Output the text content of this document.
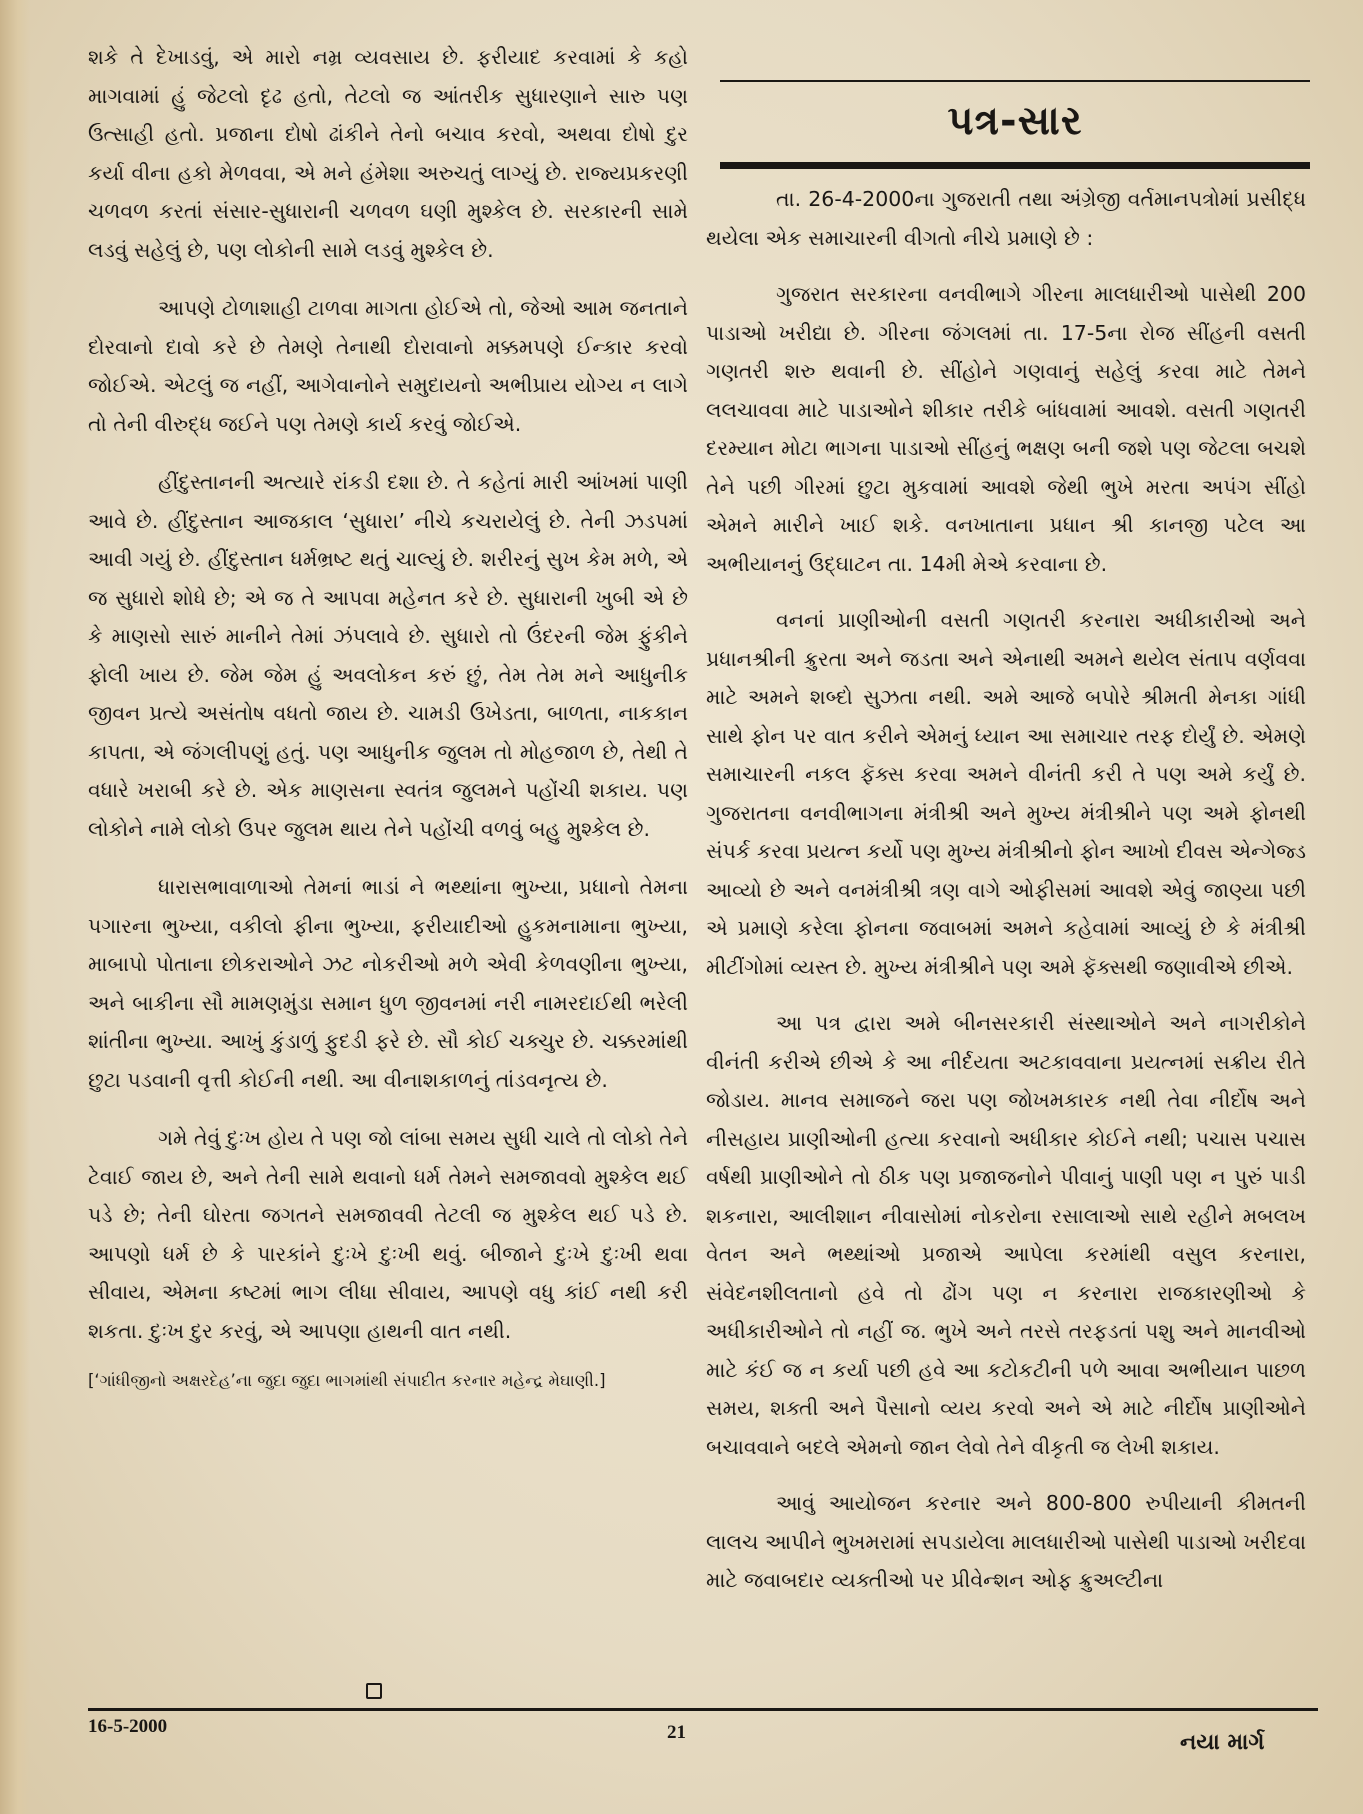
શકે તે દેખાડવું, એ મારો નમ્ર વ્યવસાય છે. ફરીયાદ કરવામાં કે કહો માગવામાં હું જેટલો દૃઢ હતો, તેટલો જ આંતરીક સુધારણાને સારુ પણ ઉત્સાહી હતો. પ્રજાના દોષો ઢાંકીને તેનો બચાવ કરવો, અથવા દોષો દુર કર્યા વીના હકો મેળવવા, એ મને હંમેશા અરુચતું લાગ્યું છે. રાજ્યપ્રકરણી ચળવળ કરતાં સંસાર-સુધારાની ચળવળ ઘણી મુશ્કેલ છે. સરકારની સામે લડવું સહેલું છે, પણ લોકોની સામે લડવું મુશ્કેલ છે.

આપણે ટોળાશાહી ટાળવા માગતા હોઈએ તો, જેઓ આમ જનતાને દોરવાનો દાવો કરે છે તેમણે તેનાથી દોરાવાનો મક્કમપણે ઈન્કાર કરવો જોઈએ. એટલું જ નહીં, આગેવાનોને સમુદાયનો અભીપ્રાય યોગ્ય ન લાગે તો તેની વીરુદ્ધ જઈને પણ તેમણે કાર્ય કરવું જોઈએ.

હીંદુસ્તાનની અત્યારે રાંકડી દશા છે. તે કહેતાં મારી આંખમાં પાણી આવે છે. હીંદુસ્તાન આજકાલ ‘સુધારા’ નીચે કચરાયેલું છે. તેની ઝડપમાં આવી ગયું છે. હીંદુસ્તાન ધર્મભ્રષ્ટ થતું ચાલ્યું છે. શરીરનું સુખ કેમ મળે, એ જ સુધારો શોધે છે; એ જ તે આપવા મહેનત કરે છે. સુધારાની ખુબી એ છે કે માણસો સારું માનીને તેમાં ઝંપલાવે છે. સુધારો તો ઉંદરની જેમ ફુંકીને ફોલી ખાય છે. જેમ જેમ હું અવલોકન કરું છું, તેમ તેમ મને આધુનીક જીવન પ્રત્યે અસંતોષ વધતો જાય છે. ચામડી ઉખેડતા, બાળતા, નાકકાન કાપતા, એ જંગલીપણું હતું. પણ આધુનીક જુલમ તો મોહજાળ છે, તેથી તે વધારે ખરાબી કરે છે. એક માણસના સ્વતંત્ર જુલમને પહોંચી શકાય. પણ લોકોને નામે લોકો ઉપર જુલમ થાય તેને પહોંચી વળવું બહુ મુશ્કેલ છે.

ધારાસભાવાળાઓ તેમનાં ભાડાં ને ભથ્થાંના ભુખ્યા, પ્રધાનો તેમના પગારના ભુખ્યા, વકીલો ફીના ભુખ્યા, ફરીયાદીઓ હુકમનામાના ભુખ્યા, માબાપો પોતાના છોકરાઓને ઝટ નોકરીઓ મળે એવી કેળવણીના ભુખ્યા, અને બાકીના સૌ મામણમુંડા સમાન ધુળ જીવનમાં નરી નામરદાઈથી ભરેલી શાંતીના ભુખ્યા. આખું કુંડાળું ફુદડી ફરે છે. સૌ કોઈ ચક્ચુર છે. ચક્કરમાંથી છુટા પડવાની વૃત્તી કોઈની નથી. આ વીનાશકાળનું તાંડવનૃત્ય છે.

ગમે તેવું દુઃખ હોય તે પણ જો લાંબા સમય સુધી ચાલે તો લોકો તેને ટેવાઈ જાય છે, અને તેની સામે થવાનો ધર્મ તેમને સમજાવવો મુશ્કેલ થઈ પડે છે; તેની ઘોરતા જગતને સમજાવવી તેટલી જ મુશ્કેલ થઈ પડે છે. આપણો ધર્મ છે કે પારકાંને દુઃખે દુઃખી થવું. બીજાને દુઃખે દુઃખી થવા સીવાય, એમના કષ્ટમાં ભાગ લીધા સીવાય, આપણે વધુ કાંઈ નથી કરી શકતા. દુઃખ દુર કરવું, એ આપણા હાથની વાત નથી.

[‘ગાંધીજીનો અક્ષરદેહ’ના જુદા જુદા ભાગમાંથી સંપાદીત કરનાર મહેન્દ્ર મેઘાણી.]

પત્ર-સાર

તા. 26-4-2000ના ગુજરાતી તથા અંગ્રેજી વર્તમાનપત્રોમાં પ્રસીદ્ધ થયેલા એક સમાચારની વીગતો નીચે પ્રમાણે છે :

ગુજરાત સરકારના વનવીભાગે ગીરના માલધારીઓ પાસેથી 200 પાડાઓ ખરીદ્યા છે. ગીરના જંગલમાં તા. 17-5ના રોજ સીંહની વસતી ગણતરી શરુ થવાની છે. સીંહોને ગણવાનું સહેલું કરવા માટે તેમને લલચાવવા માટે પાડાઓને શીકાર તરીકે બાંધવામાં આવશે. વસતી ગણતરી દરમ્યાન મોટા ભાગના પાડાઓ સીંહનું ભક્ષણ બની જશે પણ જેટલા બચશે તેને પછી ગીરમાં છુટા મુકવામાં આવશે જેથી ભુખે મરતા અપંગ સીંહો એમને મારીને ખાઈ શકે. વનખાતાના પ્રધાન શ્રી કાનજી પટેલ આ અભીયાનનું ઉદ્ઘાટન તા. 14મી મેએ કરવાના છે.

વનનાં પ્રાણીઓની વસતી ગણતરી કરનારા અધીકારીઓ અને પ્રધાનશ્રીની ક્રુરતા અને જડતા અને એનાથી અમને થયેલ સંતાપ વર્ણવવા માટે અમને શબ્દો સુઝતા નથી. અમે આજે બપોરે શ્રીમતી મેનકા ગાંધી સાથે ફોન પર વાત કરીને એમનું ધ્યાન આ સમાચાર તરફ દોર્યું છે. એમણે સમાચારની નકલ ફૅક્સ કરવા અમને વીનંતી કરી તે પણ અમે કર્યું છે. ગુજરાતના વનવીભાગના મંત્રીશ્રી અને મુખ્ય મંત્રીશ્રીને પણ અમે ફોનથી સંપર્ક કરવા પ્રયત્ન કર્યો પણ મુખ્ય મંત્રીશ્રીનો ફોન આખો દીવસ એન્ગેજ્ડ આવ્યો છે અને વનમંત્રીશ્રી ત્રણ વાગે ઓફીસમાં આવશે એવું જાણ્યા પછી એ પ્રમાણે કરેલા ફોનના જવાબમાં અમને કહેવામાં આવ્યું છે કે મંત્રીશ્રી મીટીંગોમાં વ્યસ્ત છે. મુખ્ય મંત્રીશ્રીને પણ અમે ફૅક્સથી જણાવીએ છીએ.

આ પત્ર દ્વારા અમે બીનસરકારી સંસ્થાઓને અને નાગરીકોને વીનંતી કરીએ છીએ કે આ નીર્દયતા અટકાવવાના પ્રયત્નમાં સક્રીય રીતે જોડાય. માનવ સમાજને જરા પણ જોખમકારક નથી તેવા નીર્દોષ અને નીસહાય પ્રાણીઓની હત્યા કરવાનો અધીકાર કોઈને નથી; પચાસ પચાસ વર્ષથી પ્રાણીઓને તો ઠીક પણ પ્રજાજનોને પીવાનું પાણી પણ ન પુરું પાડી શકનારા, આલીશાન નીવાસોમાં નોકરોના રસાલાઓ સાથે રહીને મબલખ વેતન અને ભથ્થાંઓ પ્રજાએ આપેલા કરમાંથી વસુલ કરનારા, સંવેદનશીલતાનો હવે તો ઢોંગ પણ ન કરનારા રાજકારણીઓ કે અધીકારીઓને તો નહીં જ. ભુખે અને તરસે તરફડતાં પશુ અને માનવીઓ માટે કંઈ જ ન કર્યા પછી હવે આ કટોકટીની પળે આવા અભીયાન પાછળ સમય, શક્તી અને પૈસાનો વ્યય કરવો અને એ માટે નીર્દોષ પ્રાણીઓને બચાવવાને બદલે એમનો જાન લેવો તેને વીકૃતી જ લેખી શકાય.

આવું આયોજન કરનાર અને 800-800 રુપીયાની કીમતની લાલચ આપીને ભુખમરામાં સપડાયેલા માલધારીઓ પાસેથી પાડાઓ ખરીદવા માટે જવાબદાર વ્યક્તીઓ પર પ્રીવેન્શન ઓફ ક્રુઅલ્ટીના

16-5-2000	21	નયા માર્ગ
